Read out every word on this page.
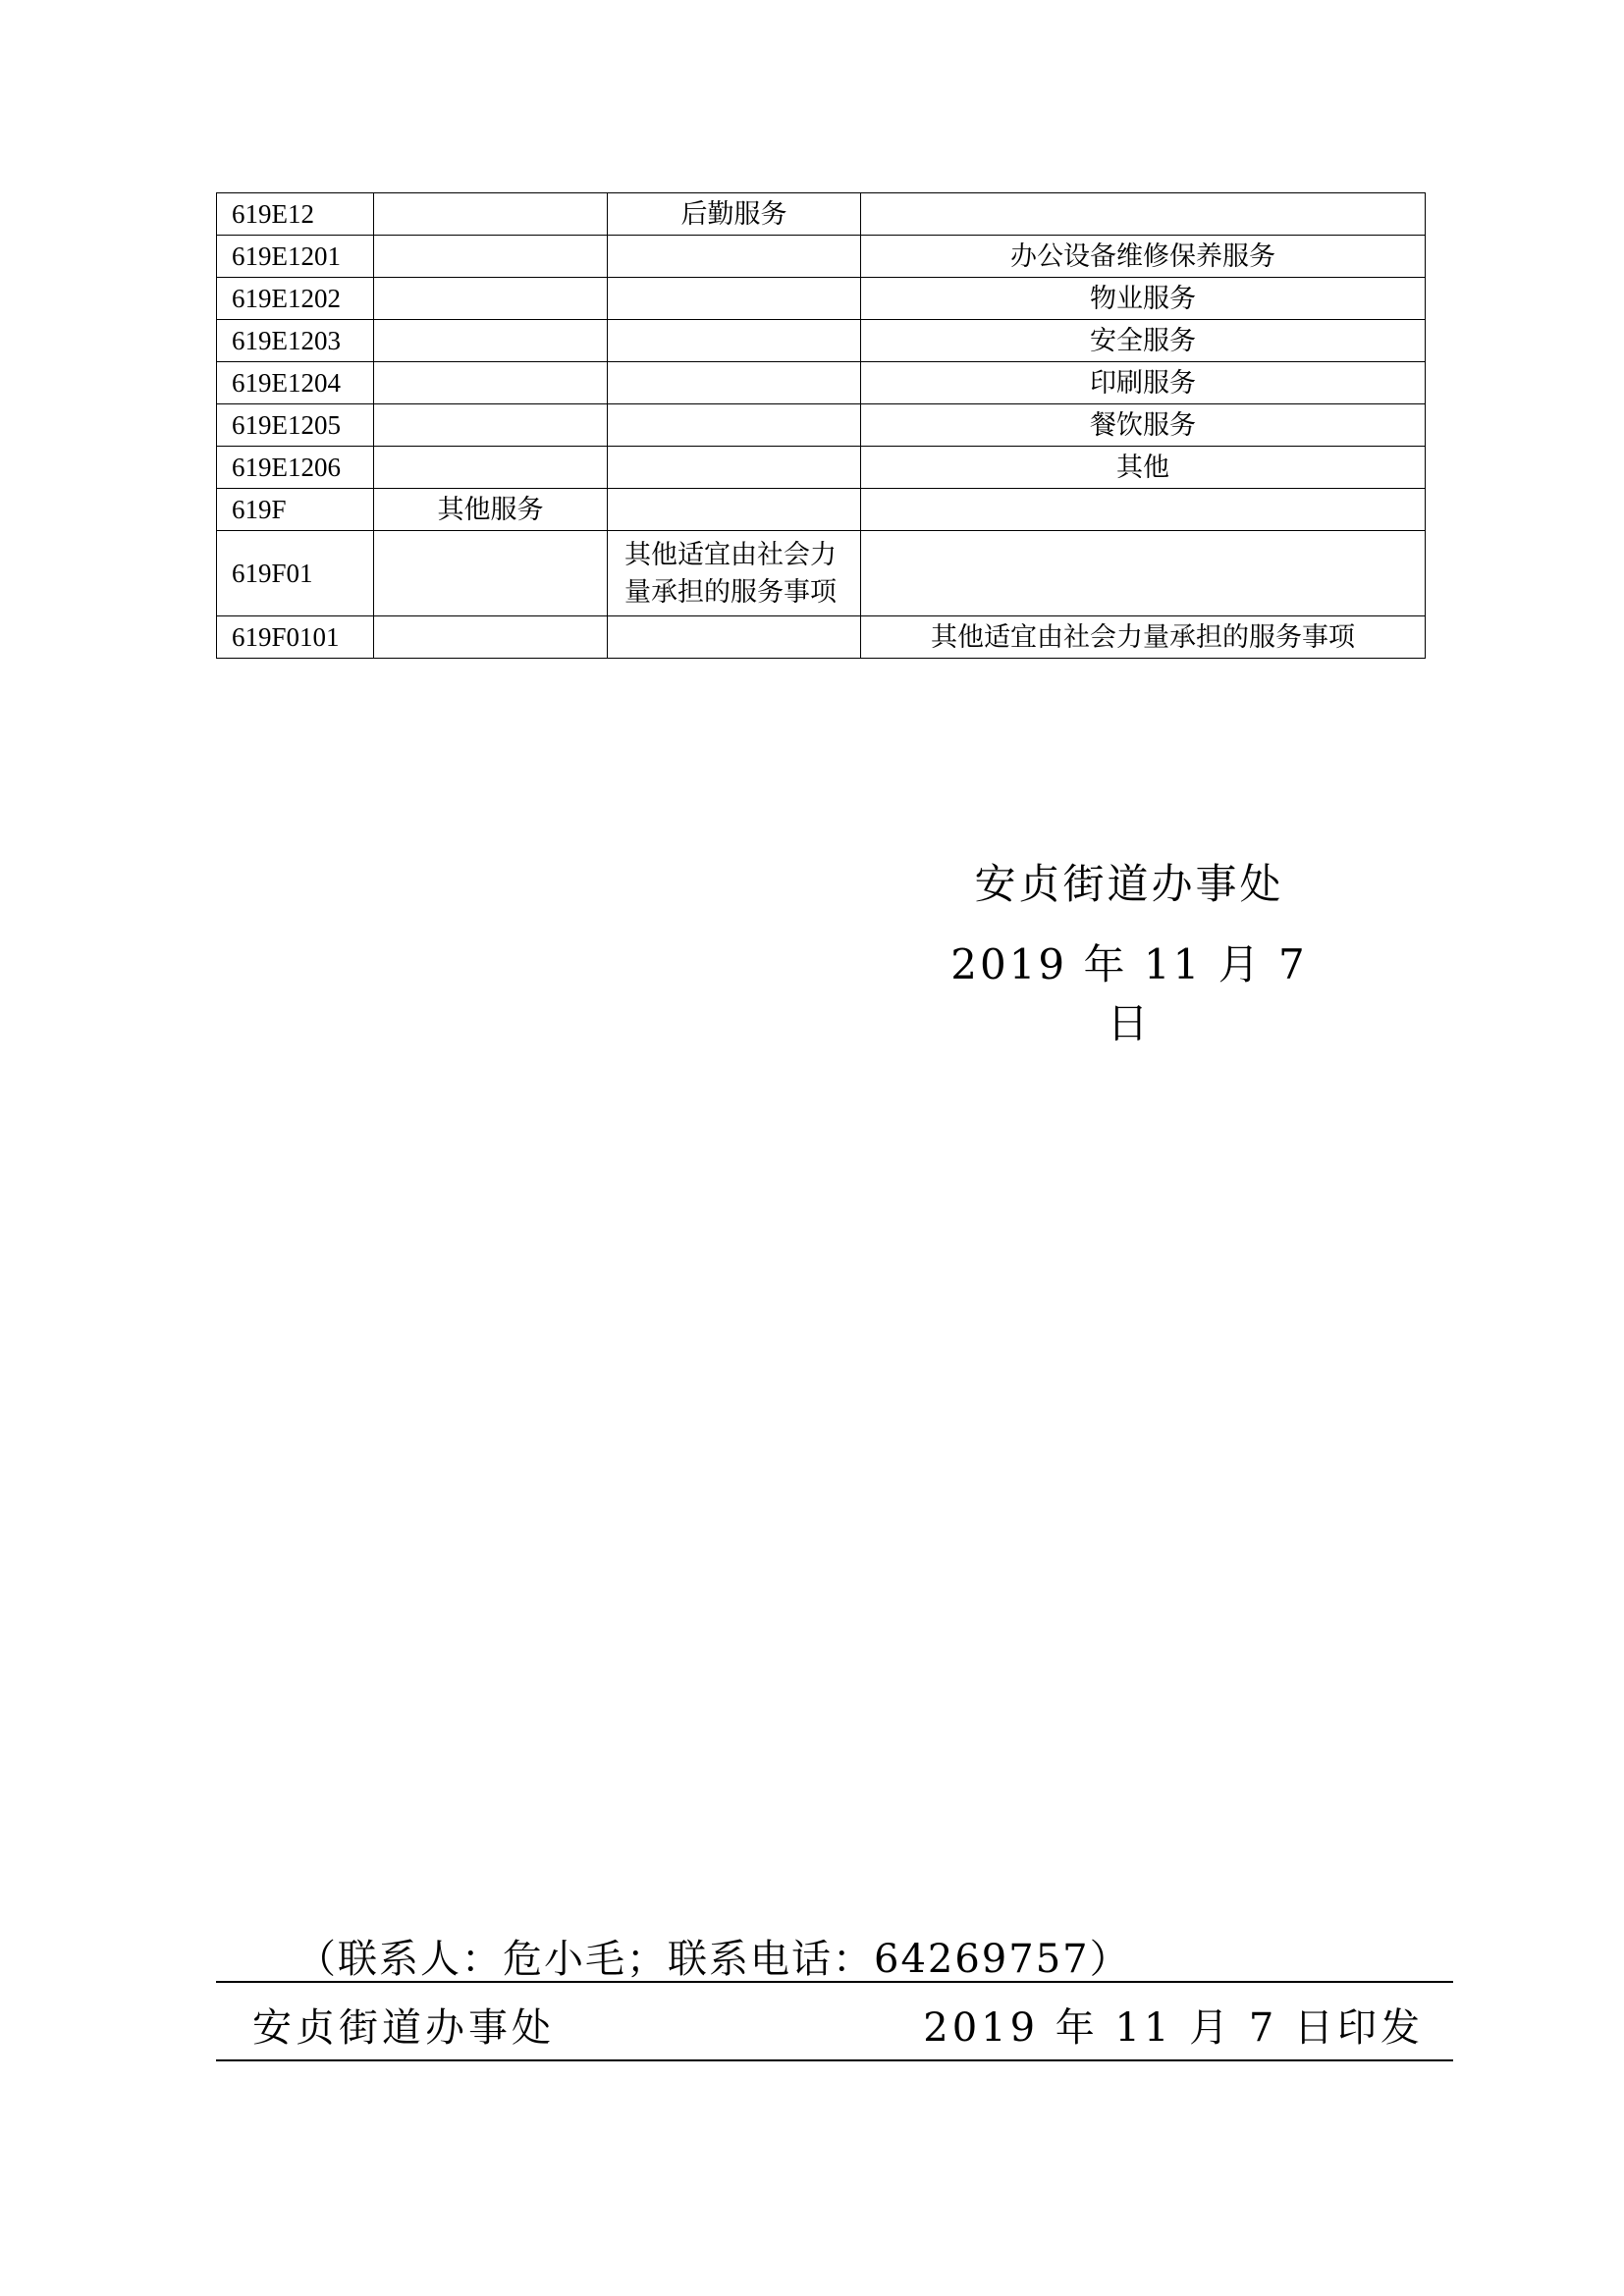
619E12		后勤服务	
619E1201			办公设备维修保养服务
619E1202			物业服务
619E1203			安全服务
619E1204			印刷服务
619E1205			餐饮服务
619E1206			其他
619F	其他服务		
619F01		其他适宜由社会力量承担的服务事项	
619F0101			其他适宜由社会力量承担的服务事项
安贞街道办事处
2019 年 11 月 7 日
（联系人：危小毛；联系电话：64269757）
安贞街道办事处	2019 年 11 月 7 日印发
